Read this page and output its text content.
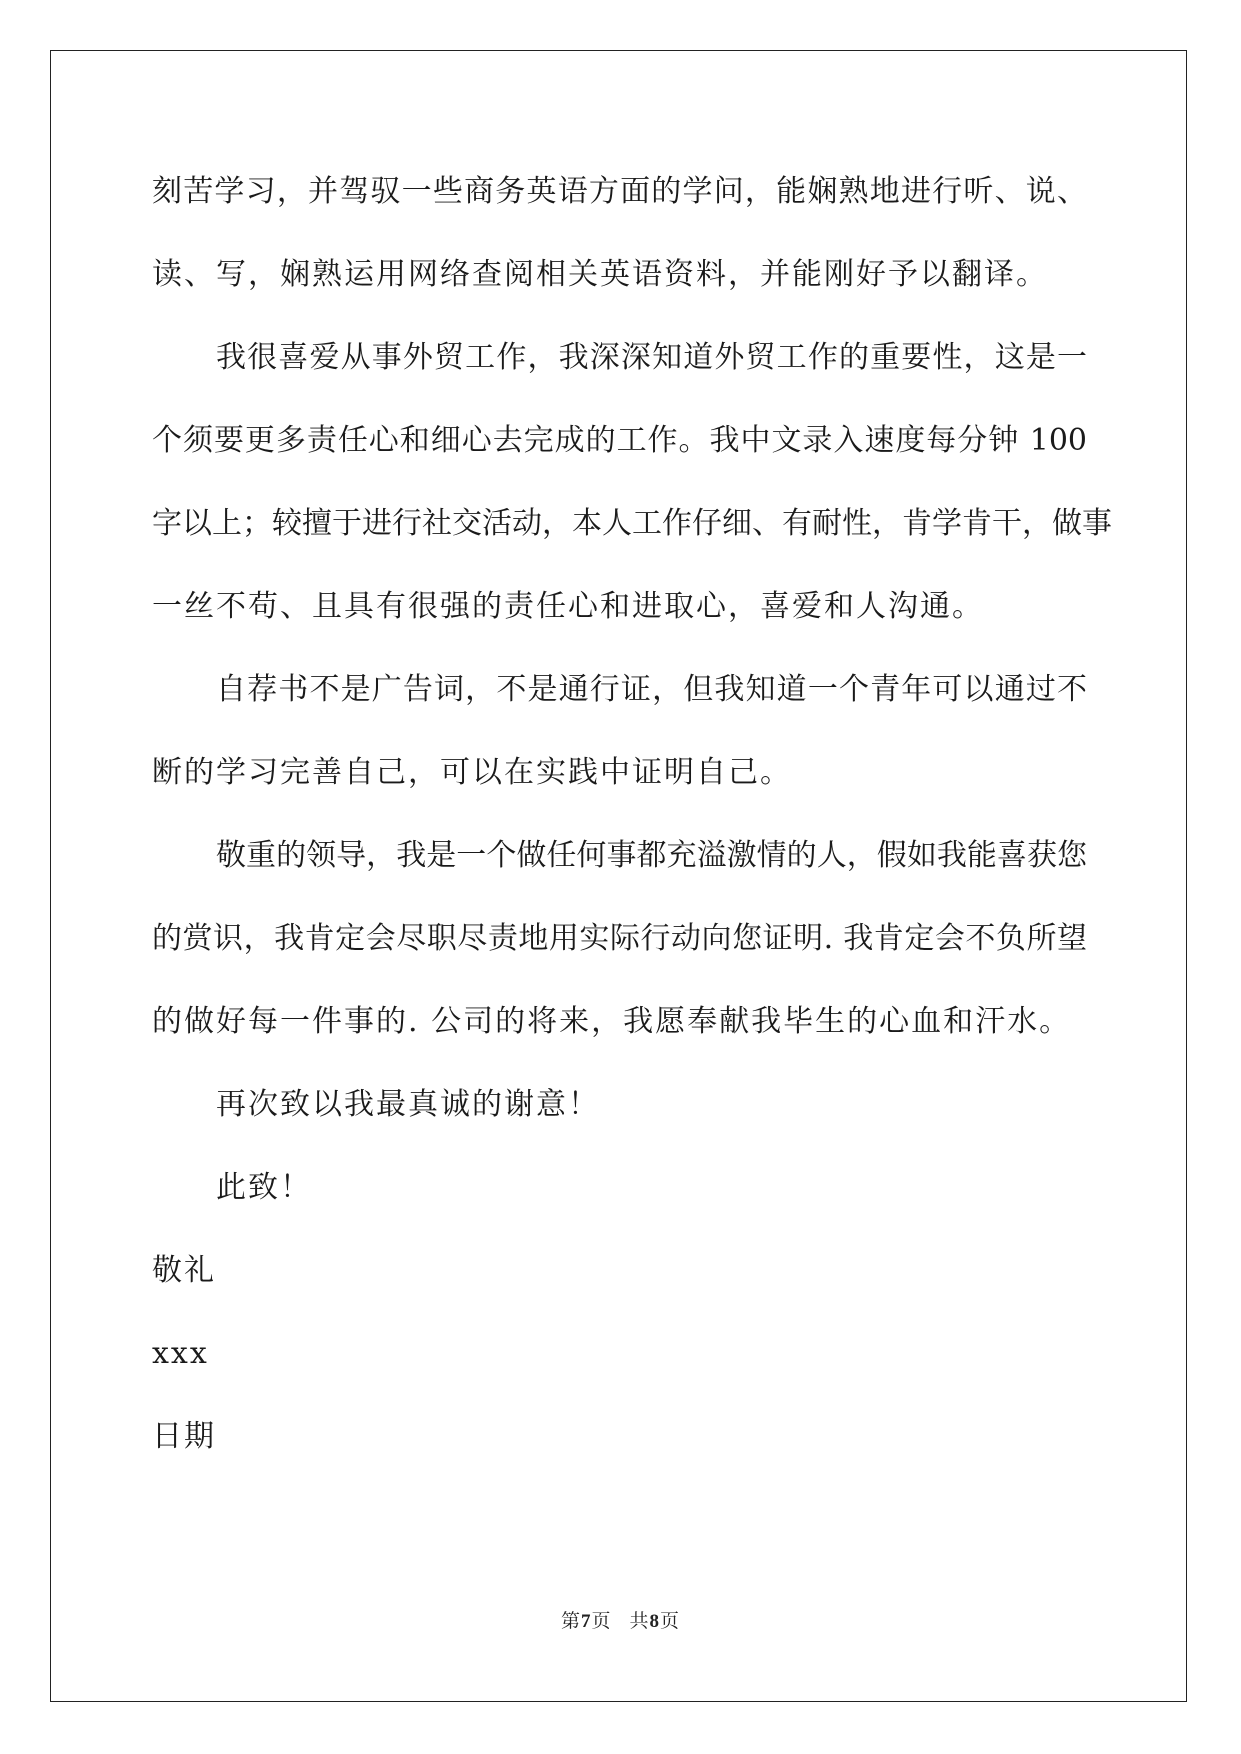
刻苦学习，并驾驭一些商务英语方面的学问，能娴熟地进行听、说、
读、写，娴熟运用网络查阅相关英语资料，并能刚好予以翻译。
我很喜爱从事外贸工作，我深深知道外贸工作的重要性，这是一
个须要更多责任心和细心去完成的工作。我中文录入速度每分钟 100
字以上；较擅于进行社交活动，本人工作仔细、有耐性，肯学肯干，做事
一丝不苟、且具有很强的责任心和进取心，喜爱和人沟通。
自荐书不是广告词，不是通行证，但我知道一个青年可以通过不
断的学习完善自己，可以在实践中证明自己。
敬重的领导，我是一个做任何事都充溢激情的人，假如我能喜获您
的赏识，我肯定会尽职尽责地用实际行动向您证明. 我肯定会不负所望
的做好每一件事的. 公司的将来，我愿奉献我毕生的心血和汗水。
再次致以我最真诚的谢意！
此致！
敬礼
xxx
日期
第7页 共8页
